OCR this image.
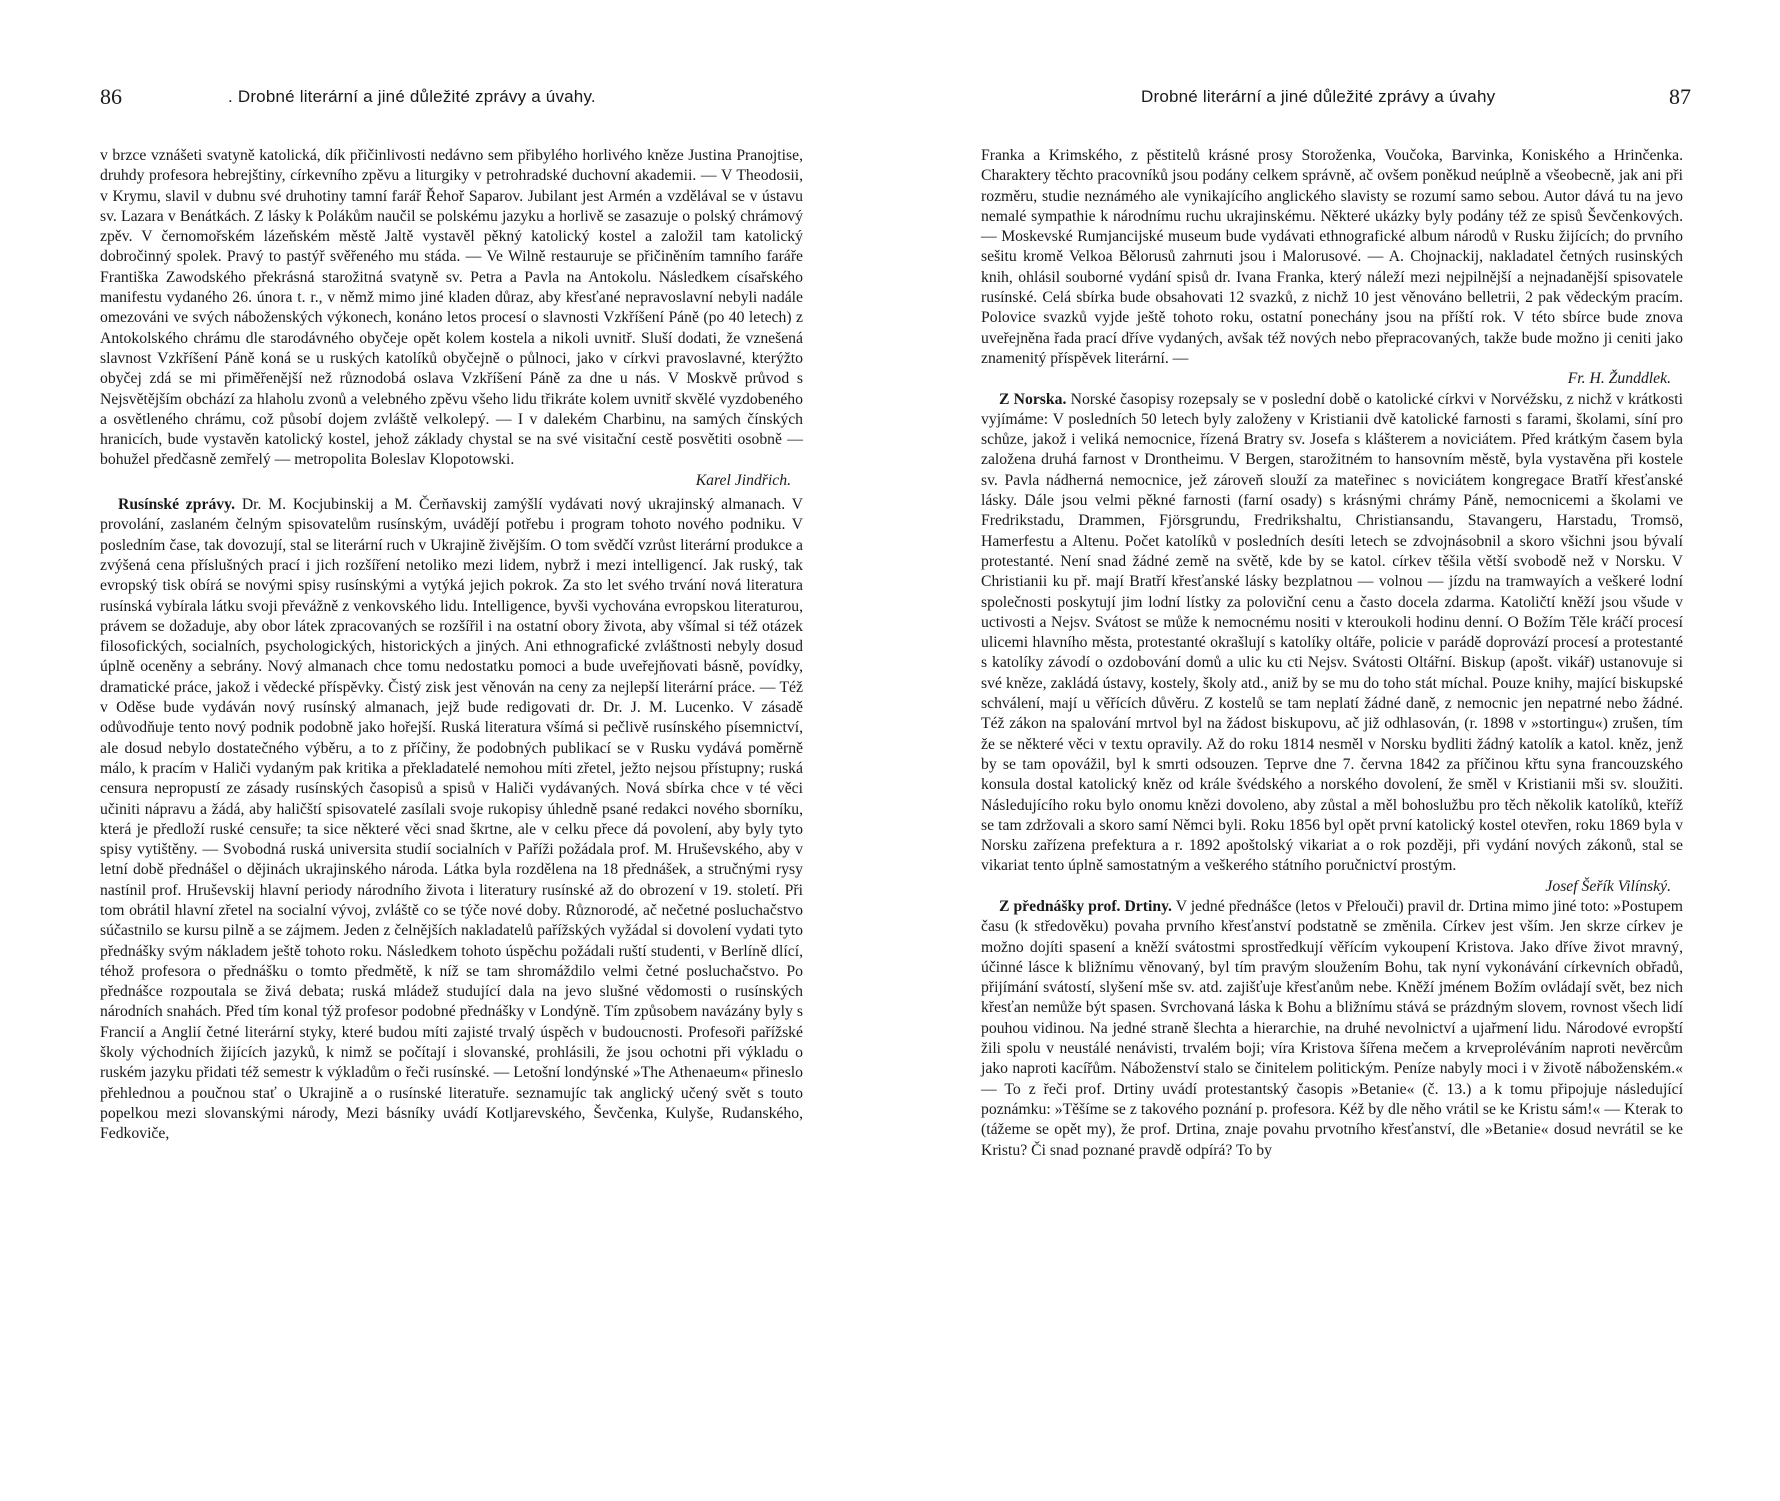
86	. Drobné literární a jiné důležité zprávy a úvahy.

v brzce vznášeti svatyně katolická, dík přičinlivosti nedávno sem přibylého horlivého kněze Justina Pranojtise, druhdy profesora hebrejštiny, církevního zpěvu a liturgiky v petrohradské duchovní akademii. — V Theodosii, v Krymu, slavil v dubnu své druhotiny tamní farář Řehoř Saparov. Jubilant jest Armén a vzdělával se v ústavu sv. Lazara v Benátkách. Z lásky k Polákům naučil se polskému jazyku a horlivě se zasazuje o polský chrámový zpěv. V černomořském lázeňském městě Jaltě vystavěl pěkný katolický kostel a založil tam katolický dobročinný spolek. Pravý to pastýř svěřeného mu stáda. — Ve Wilně restauruje se přičiněním tamního faráře Františka Zawodského překrásná starožitná svatyně sv. Petra a Pavla na Antokolu. Následkem císařského manifestu vydaného 26. února t. r., v němž mimo jiné kladen důraz, aby křesťané nepravoslavní nebyli nadále omezováni ve svých náboženských výkonech, konáno letos procesí o slavnosti Vzkříšení Páně (po 40 letech) z Antokolského chrámu dle starodávného obyčeje opět kolem kostela a nikoli uvnitř. Sluší dodati, že vznešená slavnost Vzkříšení Páně koná se u ruských katolíků obyčejně o půlnoci, jako v církvi pravoslavné, kterýžto obyčej zdá se mi přiměřenější než různodobá oslava Vzkříšení Páně za dne u nás. V Moskvě průvod s Nejsvětějším obchází za hlaholu zvonů a velebného zpěvu všeho lidu třikráte kolem uvnitř skvělé vyzdobeného a osvětleného chrámu, což působí dojem zvláště velkolepý. — I v dalekém Charbinu, na samých čínských hranicích, bude vystavěn katolický kostel, jehož základy chystal se na své visitační cestě posvětiti osobně — bohužel předčasně zemřelý — metropolita Boleslav Klopotowski.

Karel Jindřich.

Rusínské zprávy. Dr. M. Kocjubinskij a M. Čerňavskij zamýšlí vydávati nový ukrajinský almanach. V provolání, zaslaném čelným spisovatelům rusínským, uvádějí potřebu i program tohoto nového podniku. V posledním čase, tak dovozují, stal se literární ruch v Ukrajině živějším. O tom svědčí vzrůst literární produkce a zvýšená cena příslušných prací i jich rozšíření netoliko mezi lidem, nybrž i mezi intelligencí. Jak ruský, tak evropský tisk obírá se novými spisy rusínskými a vytýká jejich pokrok. Za sto let svého trvání nová literatura rusínská vybírala látku svoji převážně z venkovského lidu. Intelligence, byvši vychována evropskou literaturou, právem se dožaduje, aby obor látek zpracovaných se rozšířil i na ostatní obory života, aby všímal si též otázek filosofických, socialních, psychologických, historických a jiných. Ani ethnografické zvláštnosti nebyly dosud úplně oceněny a sebrány. Nový almanach chce tomu nedostatku pomoci a bude uveřejňovati básně, povídky, dramatické práce, jakož i vědecké příspěvky. Čistý zisk jest věnován na ceny za nejlepší literární práce. — Též v Oděse bude vydáván nový rusínský almanach, jejž bude redigovati dr. Dr. J. M. Lucenko. V zásadě odůvodňuje tento nový podnik podobně jako hořejší. Ruská literatura všímá si pečlivě rusínského písemnictví, ale dosud nebylo dostatečného výběru, a to z příčiny, že podobných publikací se v Rusku vydává poměrně málo, k pracím v Haliči vydaným pak kritika a překladatelé nemohou míti zřetel, ježto nejsou přístupny; ruská censura nepropustí ze zásady rusínských časopisů a spisů v Haliči vydávaných. Nová sbírka chce v té věci učiniti nápravu a žádá, aby haličští spisovatelé zasílali svoje rukopisy úhledně psané redakci nového sborníku, která je předloží ruské censuře; ta sice některé věci snad škrtne, ale v celku přece dá povolení, aby byly tyto spisy vytištěny. — Svobodná ruská universita studií socialních v Paříži požádala prof. M. Hruševského, aby v letní době přednášel o dějinách ukrajinského národa. Látka byla rozdělena na 18 přednášek, a stručnými rysy nastínil prof. Hruševskij hlavní periody národního života i literatury rusínské až do obrození v 19. století. Při tom obrátil hlavní zřetel na socialní vývoj, zvláště co se týče nové doby. Různorodé, ač nečetné posluchačstvo súčastnilo se kursu pilně a se zájmem. Jeden z čelnějších nakladatelů pařížských vyžádal si dovolení vydati tyto přednášky svým nákladem ještě tohoto roku. Následkem tohoto úspěchu požádali ruští studenti, v Berlíně dlící, téhož profesora o přednášku o tomto předmětě, k níž se tam shromáždilo velmi četné posluchačstvo. Po přednášce rozpoutala se živá debata; ruská mládež studující dala na jevo slušné vědomosti o rusínských národních snahách. Před tím konal týž profesor podobné přednášky v Londýně. Tím způsobem navázány byly s Francií a Anglií četné literární styky, které budou míti zajisté trvalý úspěch v budoucnosti. Profesoři pařížské školy východních žijících jazyků, k nimž se počítají i slovanské, prohlásili, že jsou ochotni při výkladu o ruském jazyku přidati též semestr k výkladům o řeči rusínské. — Letošní londýnské »The Athenaeum« přineslo přehlednou a poučnou stať o Ukrajině a o rusínské literatuře. seznamujíc tak anglický učený svět s touto popelkou mezi slovanskými národy, Mezi básníky uvádí Kotljarevského, Ševčenka, Kulyše, Rudanského, Fedkoviče,

Drobné literární a jiné důležité zprávy a úvahy	87

Franka a Krimského, z pěstitelů krásné prosy Storoženka, Voučoka, Barvinka, Koniského a Hrinčenka. Charaktery těchto pracovníků jsou podány celkem správně, ač ovšem poněkud neúplně a všeobecně, jak ani při rozměru, studie neznámého ale vynikajícího anglického slavisty se rozumí samo sebou. Autor dává tu na jevo nemalé sympathie k národnímu ruchu ukrajinskému. Některé ukázky byly podány též ze spisů Ševčenkových. — Moskevské Rumjancijské museum bude vydávati ethnografické album národů v Rusku žijících; do prvního sešitu kromě Velkoa Bělorusů zahrnuti jsou i Malorusové. — A. Chojnackij, nakladatel četných rusinských knih, ohlásil souborné vydání spisů dr. Ivana Franka, který náleží mezi nejpilnější a nejnadanější spisovatele rusínské. Celá sbírka bude obsahovati 12 svazků, z nichž 10 jest věnováno belletrii, 2 pak vědeckým pracím. Polovice svazků vyjde ještě tohoto roku, ostatní ponechány jsou na příští rok. V této sbírce bude znova uveřejněna řada prací dříve vydaných, avšak též nových nebo přepracovaných, takže bude možno ji ceniti jako znamenitý příspěvek literární. —

Fr. H. Žunddlek.

Z Norska. Norské časopisy rozepsaly se v poslední době o katolické církvi v Norvéžsku, z nichž v krátkosti vyjímáme: V posledních 50 letech byly založeny v Kristianii dvě katolické farnosti s farami, školami, síní pro schůze, jakož i veliká nemocnice, řízená Bratry sv. Josefa s klášterem a noviciátem. Před krátkým časem byla založena druhá farnost v Drontheimu. V Bergen, starožitném to hansovním městě, byla vystavěna při kostele sv. Pavla nádherná nemocnice, jež zároveň slouží za mateřinec s noviciátem kongregace Bratří křesťanské lásky. Dále jsou velmi pěkné farnosti (farní osady) s krásnými chrámy Páně, nemocnicemi a školami ve Fredrikstadu, Drammen, Fjörsgrundu, Fredrikshaltu, Christiansandu, Stavangeru, Harstadu, Tromsö, Hamerfestu a Altenu. Počet katolíků v posledních desíti letech se zdvojnásobnil a skoro všichni jsou bývalí protestanté. Není snad žádné země na světě, kde by se katol. církev těšila větší svobodě než v Norsku. V Christianii ku př. mají Bratří křesťanské lásky bezplatnou — volnou — jízdu na tramwayích a veškeré lodní společnosti poskytují jim lodní lístky za poloviční cenu a často docela zdarma. Katoličtí kněží jsou všude v uctivosti a Nejsv. Svátost se může k nemocnému nositi v kteroukoli hodinu denní. O Božím Těle kráčí procesí ulicemi hlavního města, protestanté okrašlují s katolíky oltáře, policie v parádě doprovází procesí a protestanté s katolíky závodí o ozdobování domů a ulic ku cti Nejsv. Svátosti Oltářní. Biskup (apošt. vikář) ustanovuje si své kněze, zakládá ústavy, kostely, školy atd., aniž by se mu do toho stát míchal. Pouze knihy, mající biskupské schválení, mají u věřících důvěru. Z kostelů se tam neplatí žádné daně, z nemocnic jen nepatrné nebo žádné. Též zákon na spalování mrtvol byl na žádost biskupovu, ač již odhlasován, (r. 1898 v »stortingu«) zrušen, tím že se některé věci v textu opravily. Až do roku 1814 nesměl v Norsku bydliti žádný katolík a katol. kněz, jenž by se tam opovážil, byl k smrti odsouzen. Teprve dne 7. června 1842 za příčinou křtu syna francouzského konsula dostal katolický kněz od krále švédského a norského dovolení, že směl v Kristianii mši sv. sloužiti. Následujícího roku bylo onomu knězi dovoleno, aby zůstal a měl bohoslužbu pro těch několik katolíků, kteříž se tam zdržovali a skoro samí Němci byli. Roku 1856 byl opět první katolický kostel otevřen, roku 1869 byla v Norsku zařízena prefektura a r. 1892 apoštolský vikariat a o rok později, při vydání nových zákonů, stal se vikariat tento úplně samostatným a veškerého státního poručnictví prostým.

Josef Šeřík Vilínský.

Z přednášky prof. Drtiny. V jedné přednášce (letos v Přelouči) pravil dr. Drtina mimo jiné toto: »Postupem času (k středověku) povaha prvního křesťanství podstatně se změnila. Církev jest vším. Jen skrze církev je možno dojíti spasení a kněží svátostmi sprostředkují věřícím vykoupení Kristova. Jako dříve život mravný, účinné lásce k bližnímu věnovaný, byl tím pravým sloužením Bohu, tak nyní vykonávání církevních obřadů, přijímání svátostí, slyšení mše sv. atd. zajišťuje křesťanům nebe. Kněží jménem Božím ovládají svět, bez nich křesťan nemůže být spasen. Svrchovaná láska k Bohu a bližnímu stává se prázdným slovem, rovnost všech lidí pouhou vidinou. Na jedné straně šlechta a hierarchie, na druhé nevolnictví a ujařmení lidu. Národové evropští žili spolu v neustálé nenávisti, trvalém boji; víra Kristova šířena mečem a krveproléváním naproti nevěrcům jako naproti kacířům. Náboženství stalo se činitelem politickým. Peníze nabyly moci i v životě náboženském.« — To z řeči prof. Drtiny uvádí protestantský časopis »Betanie« (č. 13.) a k tomu připojuje následující poznámku: »Těšíme se z takového poznání p. profesora. Kéž by dle něho vrátil se ke Kristu sám!« — Kterak to (tážeme se opět my), že prof. Drtina, znaje povahu prvotního křesťanství, dle »Betanie« dosud nevrátil se ke Kristu? Či snad poznané pravdě odpírá? To by
